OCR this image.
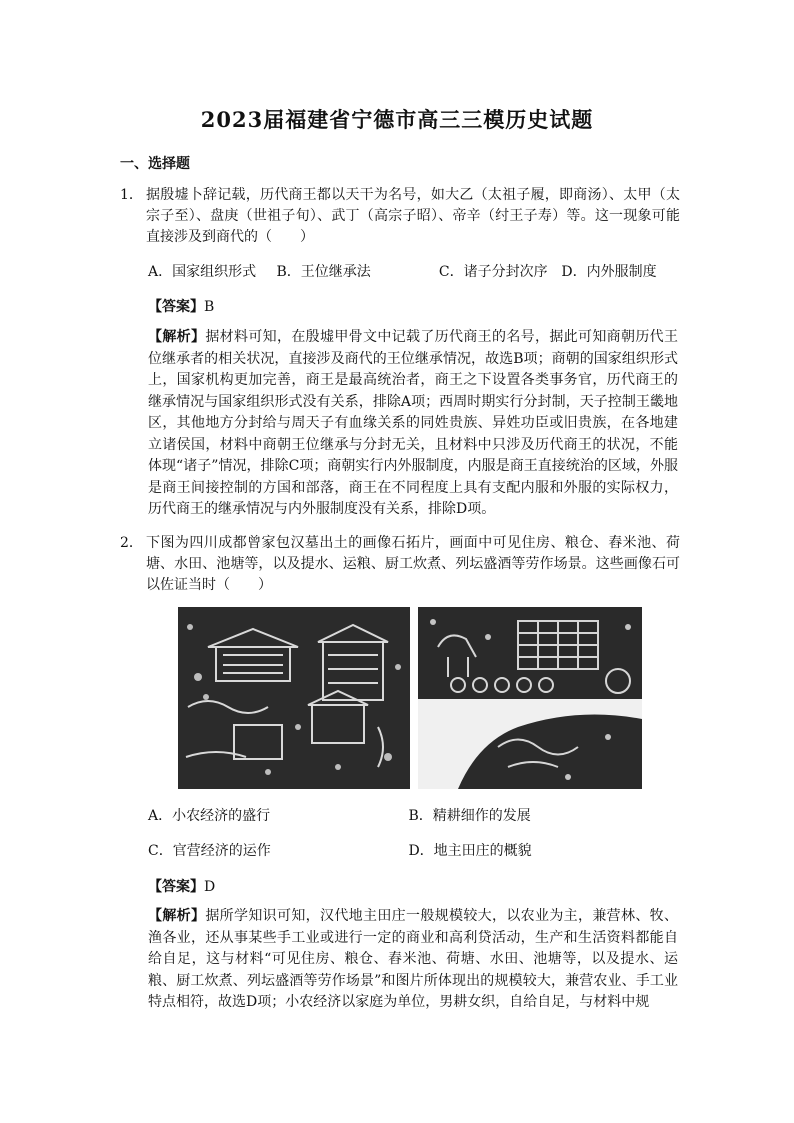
2023届福建省宁德市高三三模历史试题
一、选择题
1． 据殷墟卜辞记载，历代商王都以天干为名号，如大乙（太祖子履，即商汤）、太甲（太宗子至）、盘庚（世祖子旬）、武丁（高宗子昭）、帝辛（纣王子寿）等。这一现象可能直接涉及到商代的（　　）
A．国家组织形式 B．王位继承法	C．诸子分封次序 D．内外服制度
【答案】B
【解析】据材料可知，在殷墟甲骨文中记载了历代商王的名号，据此可知商朝历代王位继承者的相关状况，直接涉及商代的王位继承情况，故选B项；商朝的国家组织形式上，国家机构更加完善，商王是最高统治者，商王之下设置各类事务官，历代商王的继承情况与国家组织形式没有关系，排除A项；西周时期实行分封制，天子控制王畿地区，其他地方分封给与周天子有血缘关系的同姓贵族、异姓功臣或旧贵族，在各地建立诸侯国，材料中商朝王位继承与分封无关，且材料中只涉及历代商王的状况，不能体现“诸子”情况，排除C项；商朝实行内外服制度，内服是商王直接统治的区域，外服是商王间接控制的方国和部落，商王在不同程度上具有支配内服和外服的实际权力，历代商王的继承情况与内外服制度没有关系，排除D项。
2． 下图为四川成都曾家包汉墓出土的画像石拓片，画面中可见住房、粮仓、舂米池、荷塘、水田、池塘等，以及提水、运粮、厨工炊煮、列坛盛酒等劳作场景。这些画像石可以佐证当时（　　）
A．小农经济的盛行	B．精耕细作的发展
C．官营经济的运作	D．地主田庄的概貌
【答案】D
【解析】据所学知识可知，汉代地主田庄一般规模较大，以农业为主，兼营林、牧、渔各业，还从事某些手工业或进行一定的商业和高利贷活动，生产和生活资料都能自给自足，这与材料“可见住房、粮仓、舂米池、荷塘、水田、池塘等，以及提水、运粮、厨工炊煮、列坛盛酒等劳作场景”和图片所体现出的规模较大，兼营农业、手工业特点相符，故选D项；小农经济以家庭为单位，男耕女织，自给自足，与材料中规
